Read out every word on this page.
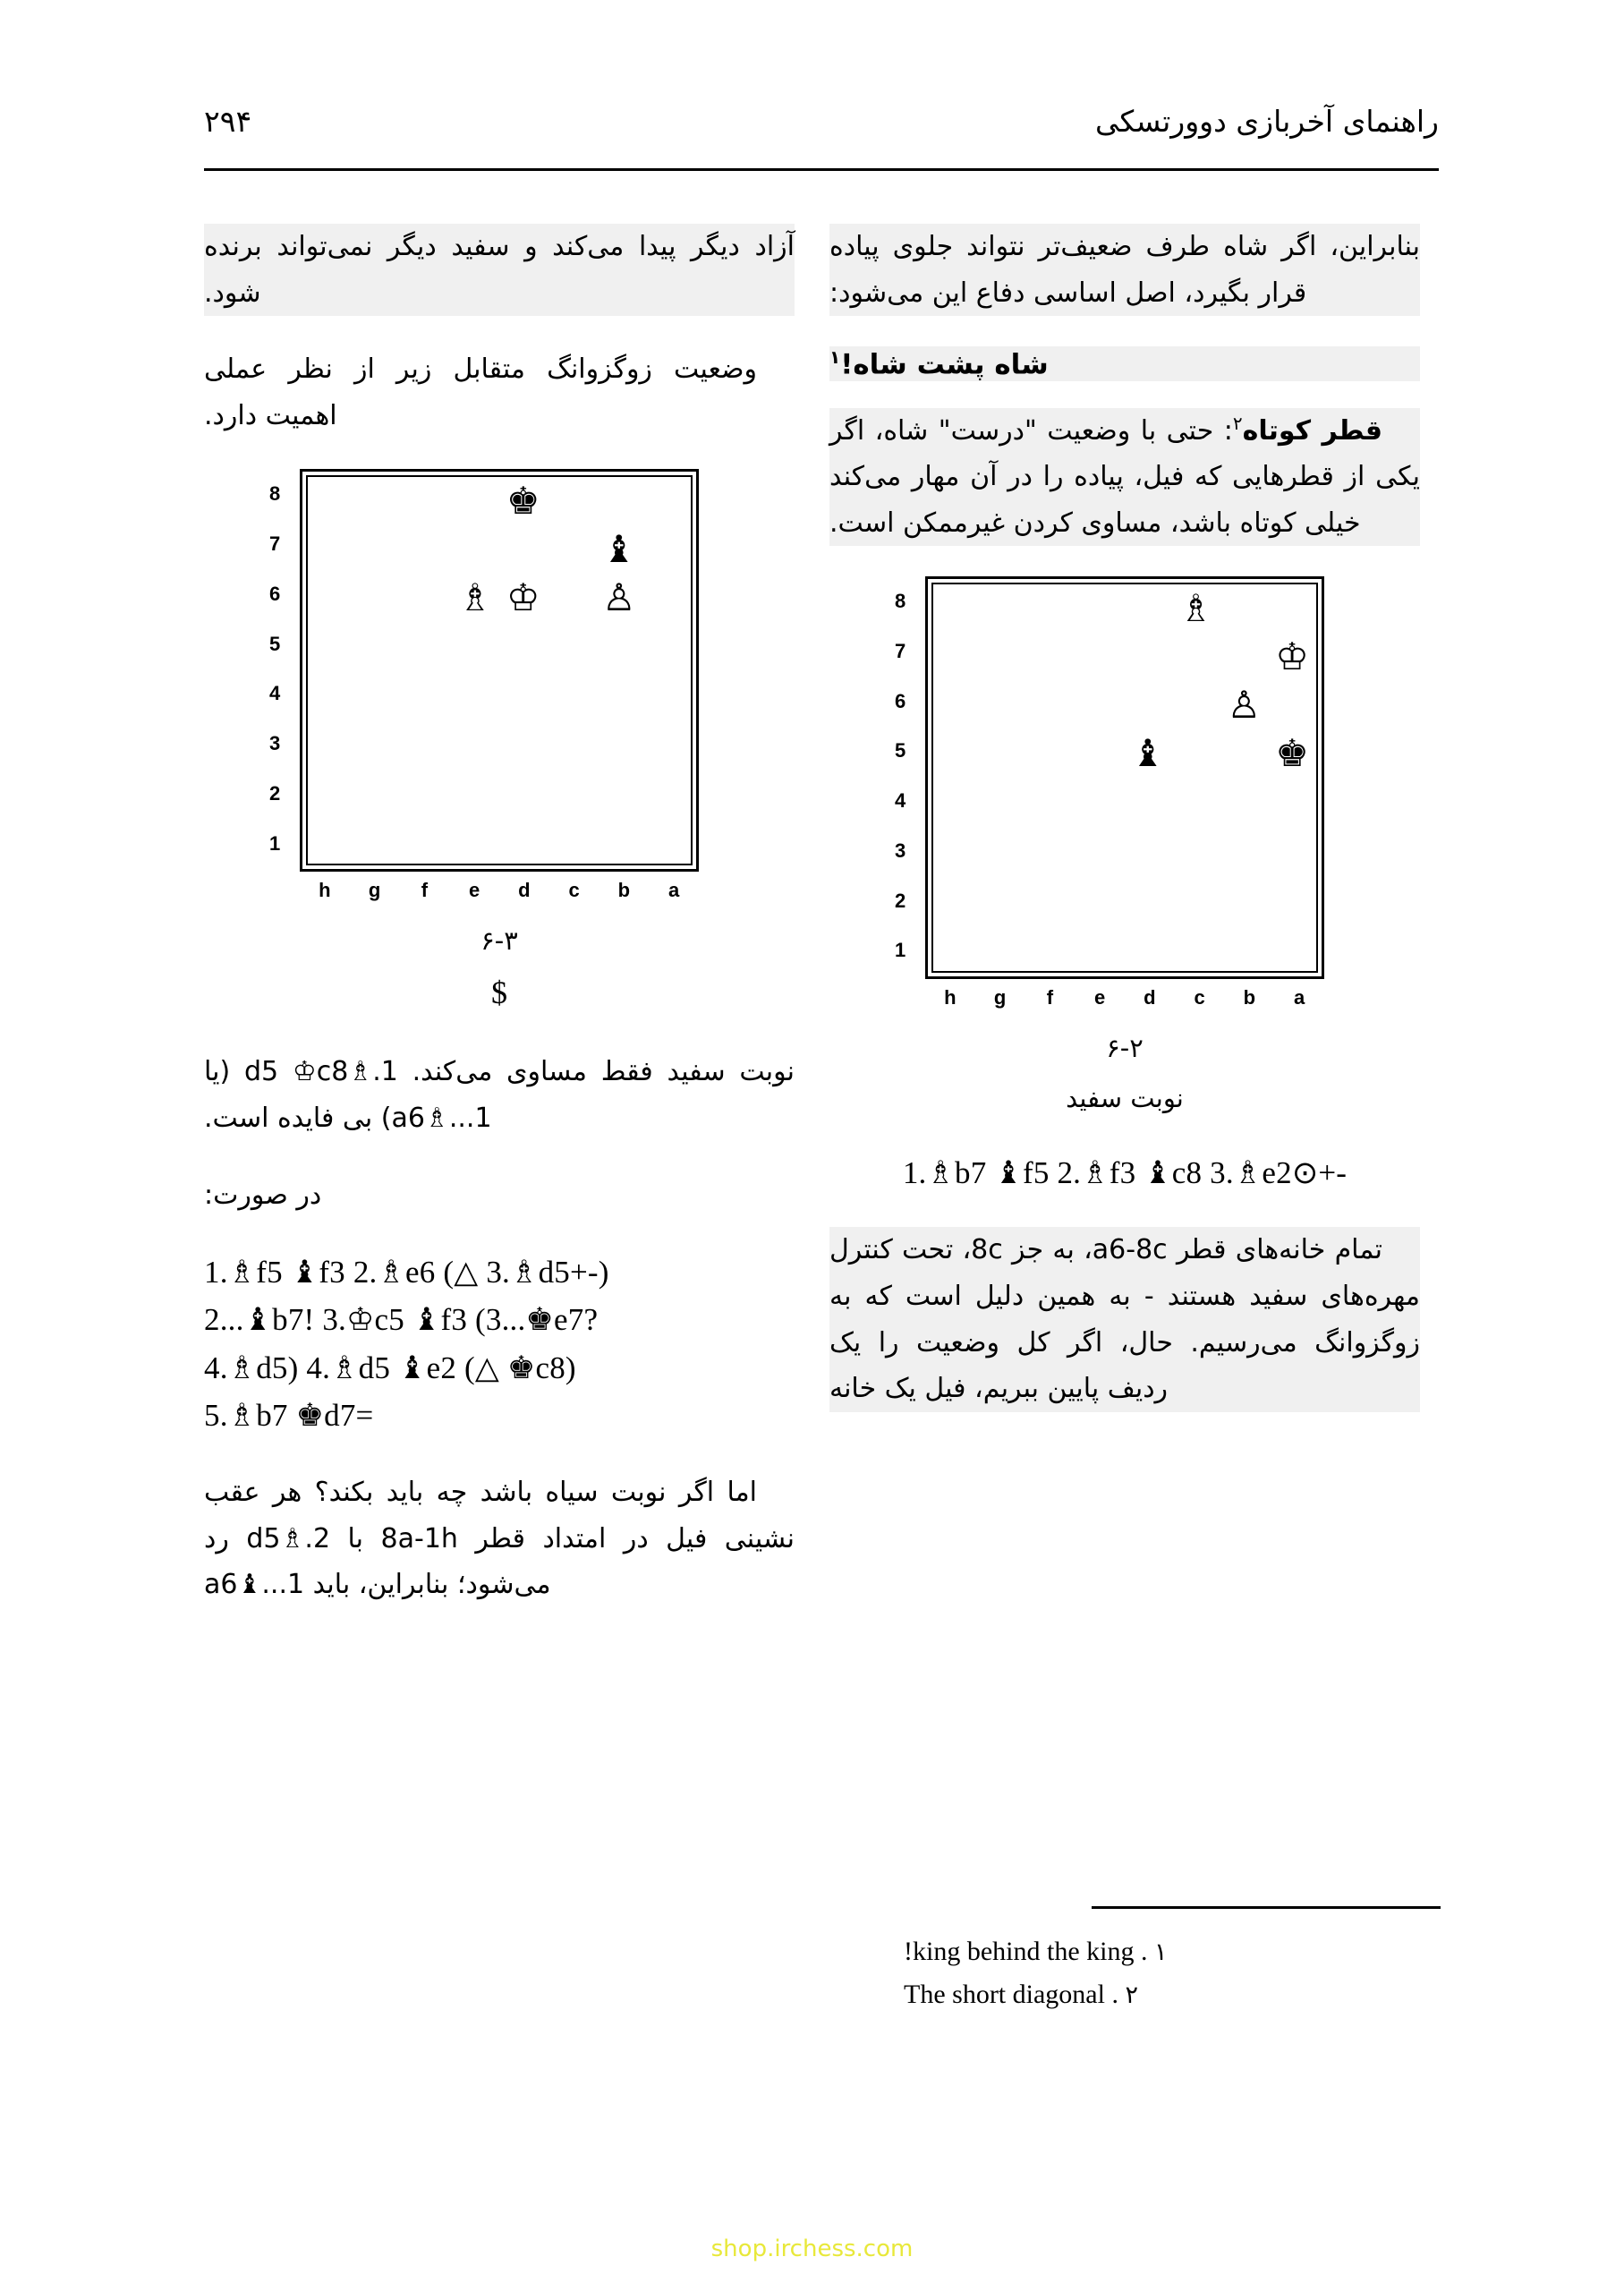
راهنمای آخربازی دوورتسکی
۲۹۴

بنابراین، اگر شاه طرف ضعیف‌تر نتواند جلوی پیاده قرار بگیرد، اصل اساسی دفاع این می‌شود:

شاه پشت شاه!$^۱$

قطر کوتاه$^۲$: حتی با وضعیت "درست" شاه، اگر یکی از قطرهایی که فیل، پیاده را در آن مهار می‌کند خیلی کوتاه باشد، مساوی کردن غیرممکن است.

8
7
6
5
4
3
2
1

		♗					

♔							

	♙						

♚			♝				

a
b
c
d
e
f
g
h
۶-۲
نوبت سفید
1.♗b7 ♝f5 2.♗f3 ♝c8 3.♗e2⊙+-

تمام خانه‌های قطر a6-8c، به جز 8c، تحت کنترل مهره‌های سفید هستند - به همین دلیل است که به زوگزوانگ می‌رسیم. حال، اگر کل وضعیت را یک ردیف پایین ببریم، فیل یک خانه

آزاد دیگر پیدا می‌کند و سفید دیگر نمی‌تواند برنده شود.

وضعیت زوگزوانگ متقابل زیر از نظر عملی اهمیت دارد.

8
7
6
5
4
3
2
1

			♚				

	♝						

	♙		♔	♗			

a
b
c
d
e
f
g
h
۶-۳
$

نوبت سفید فقط مساوی می‌کند. 1.♗d5 ♔c8 (یا 1...♗a6) بی فایده است.

در صورت:

1.♗f5 ♝f3 2.♗e6 (△ 3.♗d5+-)
2...♝b7! 3.♔c5 ♝f3 (3...♚e7?
4.♗d5) 4.♗d5 ♝e2 (△ ♚c8)
5.♗b7 ♚d7=

اما اگر نوبت سیاه باشد چه باید بکند؟ هر عقب نشینی فیل در امتداد قطر 8a-1h با 2.♗d5 رد می‌شود؛ بنابراین، باید 1...♝a6

۱ . king behind the king!
۲ . The short diagonal
shop.irchess.com
